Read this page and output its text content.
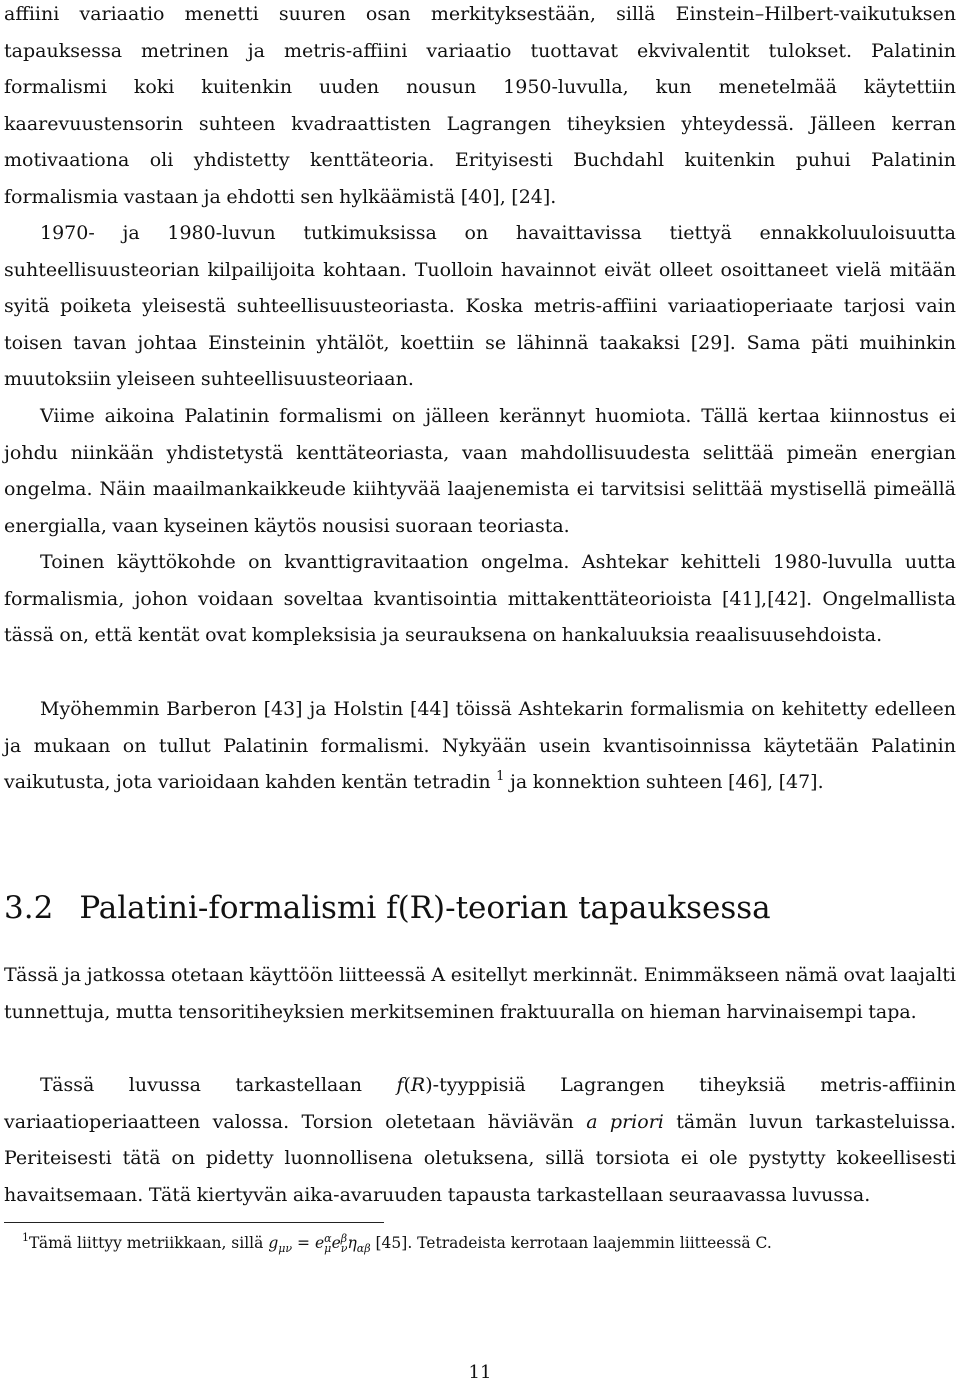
affiini variaatio menetti suuren osan merkityksestään, sillä Einstein–Hilbert-vaikutuksen tapauksessa metrinen ja metris-affiini variaatio tuottavat ekvivalentit tulokset. Palatinin formalismi koki kuitenkin uuden nousun 1950-luvulla, kun menetelmää käytettiin kaarevuustensorin suhteen kvadraattisten Lagrangen tiheyksien yhteydessä. Jälleen kerran motivaationa oli yhdistetty kenttäteoria. Erityisesti Buchdahl kuitenkin puhui Palatinin formalismia vastaan ja ehdotti sen hylkäämistä [40], [24].

1970- ja 1980-luvun tutkimuksissa on havaittavissa tiettyä ennakkoluuloisuutta suhteellisuusteorian kilpailijoita kohtaan. Tuolloin havainnot eivät olleet osoittaneet vielä mitään syitä poiketa yleisestä suhteellisuusteoriasta. Koska metris-affiini variaatioperiaate tarjosi vain toisen tavan johtaa Einsteinin yhtälöt, koettiin se lähinnä taakaksi [29]. Sama päti muihinkin muutoksiin yleiseen suhteellisuusteoriaan.

Viime aikoina Palatinin formalismi on jälleen kerännyt huomiota. Tällä kertaa kiinnostus ei johdu niinkään yhdistetystä kenttäteoriasta, vaan mahdollisuudesta selittää pimeän energian ongelma. Näin maailmankaikkeude kiihtyvää laajenemista ei tarvitsisi selittää mystisellä pimeällä energialla, vaan kyseinen käytös nousisi suoraan teoriasta.

Toinen käyttökohde on kvanttigravitaation ongelma. Ashtekar kehitteli 1980-luvulla uutta formalismia, johon voidaan soveltaa kvantisointia mittakenttäteorioista [41],[42]. Ongelmallista tässä on, että kentät ovat kompleksisia ja seurauksena on hankaluuksia reaalisuusehdoista.

Myöhemmin Barberon [43] ja Holstin [44] töissä Ashtekarin formalismia on kehitetty edelleen ja mukaan on tullut Palatinin formalismi. Nykyään usein kvantisoinnissa käytetään Palatinin vaikutusta, jota varioidaan kahden kentän tetradin $^1$ ja konnektion suhteen [46], [47].

3.2 Palatini-formalismi f(R)-teorian tapauksessa

Tässä ja jatkossa otetaan käyttöön liitteessä A esitellyt merkinnät. Enimmäkseen nämä ovat laajalti tunnettuja, mutta tensoritiheyksien merkitseminen fraktuuralla on hieman harvinaisempi tapa.

Tässä luvussa tarkastellaan f(R)-tyyppisiä Lagrangen tiheyksiä metris-affiinin variaatioperiaatteen valossa. Torsion oletetaan häviävän a priori tämän luvun tarkasteluissa. Periteisesti tätä on pidetty luonnollisena oletuksena, sillä torsiota ei ole pystytty kokeellisesti havaitsemaan. Tätä kiertyvän aika-avaruuden tapausta tarkastellaan seuraavassa luvussa.

$^1$Tämä liittyy metriikkaan, sillä $g_{\mu\nu} = e$ α
μ e β
ν $\eta_{\alpha\beta}$ [45]. Tetradeista kerrotaan laajemmin liitteessä C.

11
